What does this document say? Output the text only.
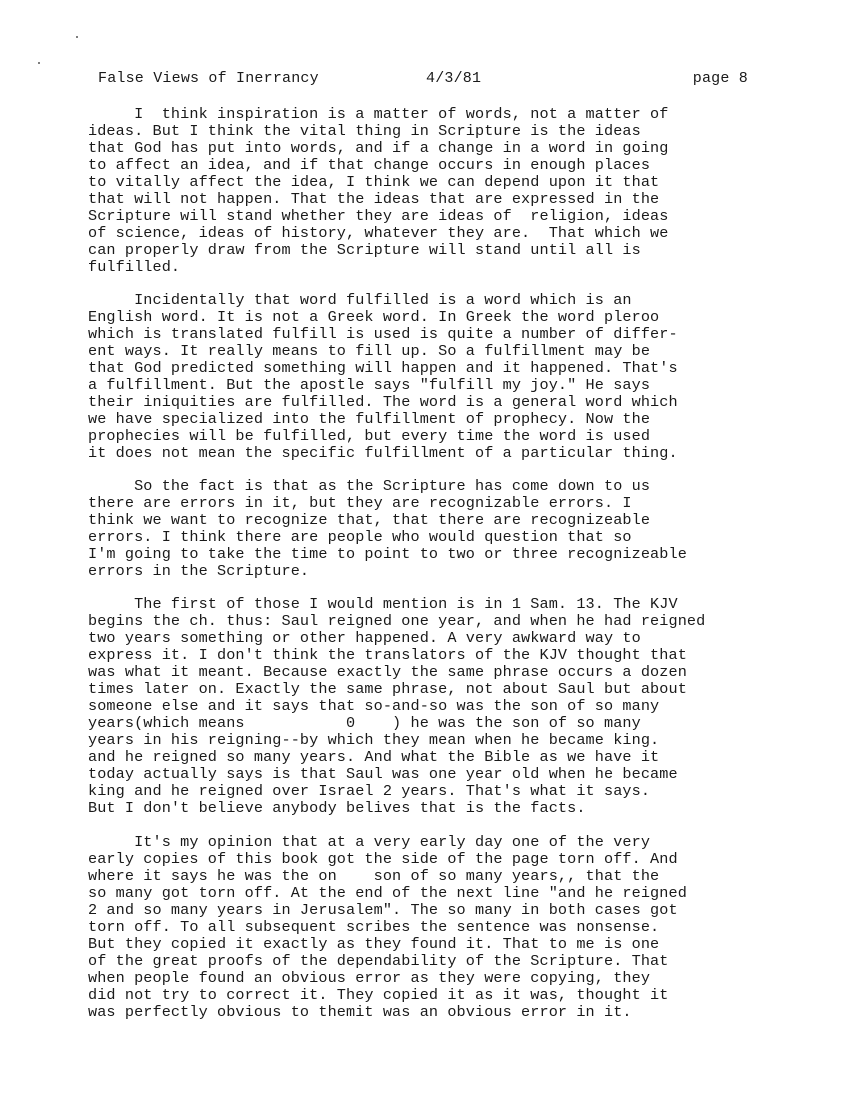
False Views of Inerrancy	4/3/81	page 8
I  think inspiration is a matter of words, not a matter of
ideas. But I think the vital thing in Scripture is the ideas
that God has put into words, and if a change in a word in going
to affect an idea, and if that change occurs in enough places
to vitally affect the idea, I think we can depend upon it that
that will not happen. That the ideas that are expressed in the
Scripture will stand whether they are ideas of  religion, ideas
of science, ideas of history, whatever they are.  That which we
can properly draw from the Scripture will stand until all is
fulfilled.
Incidentally that word fulfilled is a word which is an
English word. It is not a Greek word. In Greek the word pleroo
which is translated fulfill is used is quite a number of differ-
ent ways. It really means to fill up. So a fulfillment may be
that God predicted something will happen and it happened. That's
a fulfillment. But the apostle says "fulfill my joy." He says
their iniquities are fulfilled. The word is a general word which
we have specialized into the fulfillment of prophecy. Now the
prophecies will be fulfilled, but every time the word is used
it does not mean the specific fulfillment of a particular thing.
So the fact is that as the Scripture has come down to us
there are errors in it, but they are recognizable errors. I
think we want to recognize that, that there are recognizeable
errors. I think there are people who would question that so
I'm going to take the time to point to two or three recognizeable
errors in the Scripture.
The first of those I would mention is in 1 Sam. 13. The KJV
begins the ch. thus: Saul reigned one year, and when he had reigned
two years something or other happened. A very awkward way to
express it. I don't think the translators of the KJV thought that
was what it meant. Because exactly the same phrase occurs a dozen
times later on. Exactly the same phrase, not about Saul but about
someone else and it says that so-and-so was the son of so many
years(which means           0    ) he was the son of so many
years in his reigning--by which they mean when he became king.
and he reigned so many years. And what the Bible as we have it
today actually says is that Saul was one year old when he became
king and he reigned over Israel 2 years. That's what it says.
But I don't believe anybody belives that is the facts.
It's my opinion that at a very early day one of the very
early copies of this book got the side of the page torn off. And
where it says he was the on    son of so many years,, that the
so many got torn off. At the end of the next line "and he reigned
2 and so many years in Jerusalem". The so many in both cases got
torn off. To all subsequent scribes the sentence was nonsense.
But they copied it exactly as they found it. That to me is one
of the great proofs of the dependability of the Scripture. That
when people found an obvious error as they were copying, they
did not try to correct it. They copied it as it was, thought it
was perfectly obvious to themit was an obvious error in it.
